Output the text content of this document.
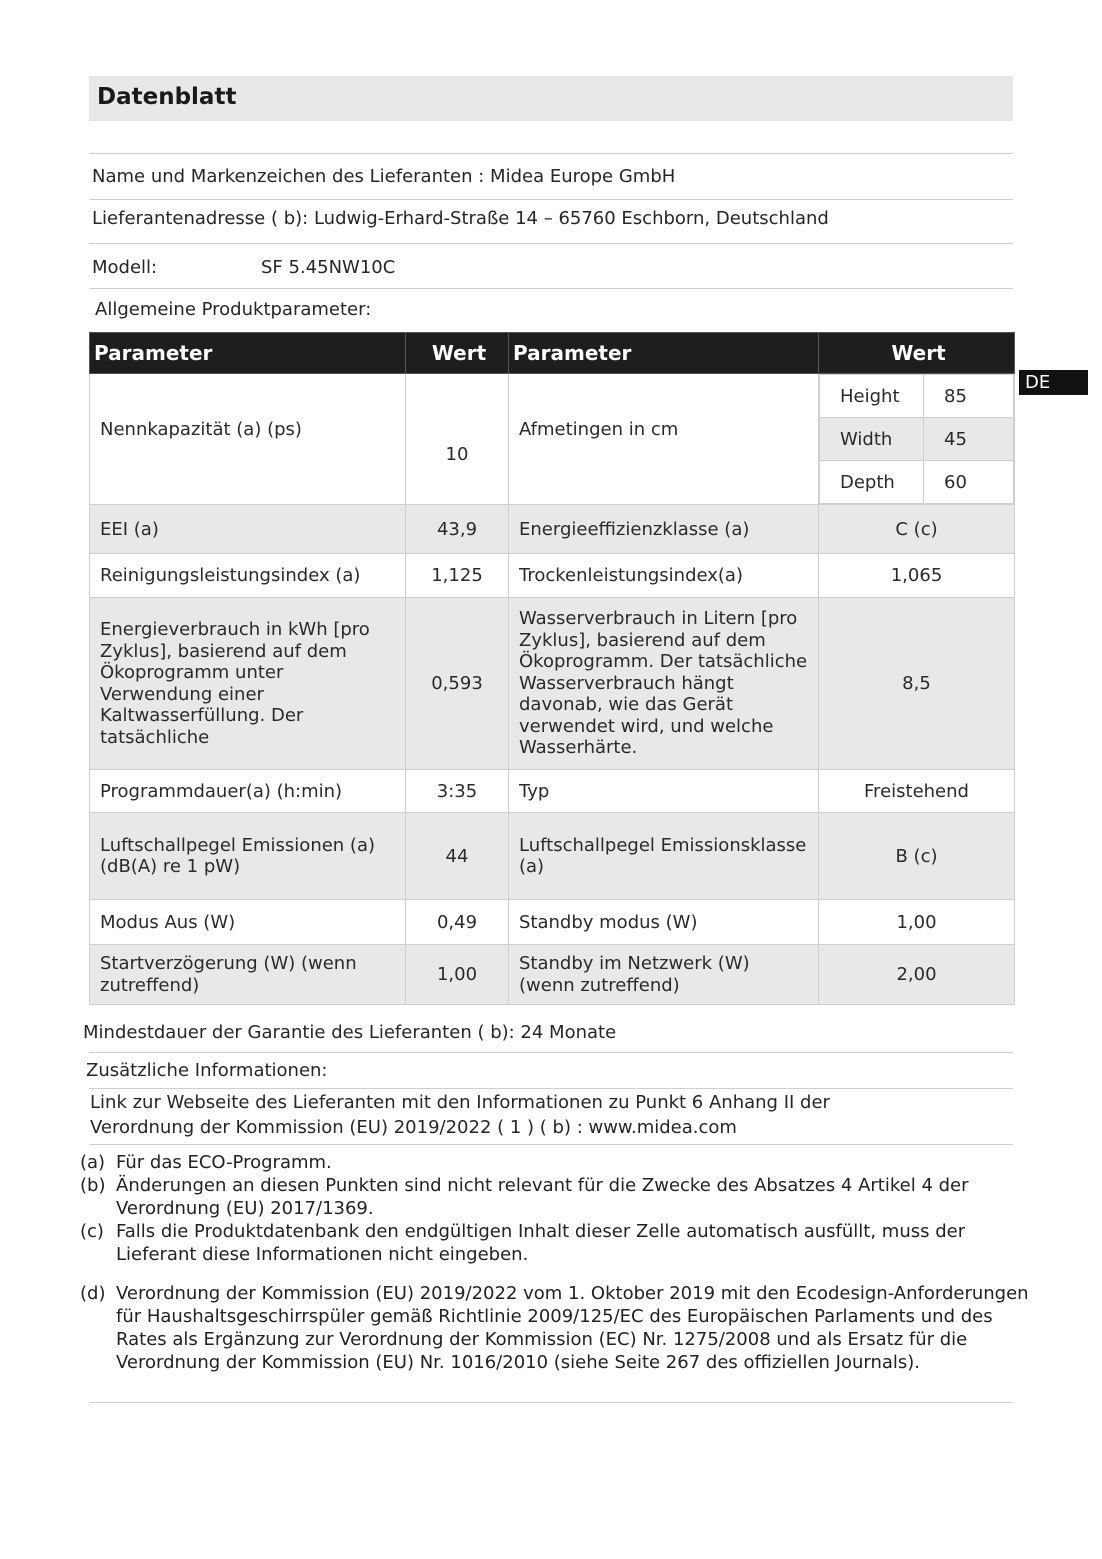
Datenblatt
Name und Markenzeichen des Lieferanten : Midea Europe GmbH
Lieferantenadresse ( b): Ludwig-Erhard-Straße 14 – 65760 Eschborn, Deutschland
Modell:	SF 5.45NW10C
Allgemeine Produktparameter:
DE
Parameter	Wert	Parameter	Wert
Nennkapazität (a) (ps)	10	Afmetingen in cm	
Height	85
Width	45
Depth	60

EEI (a)	43,9	Energieeffizienzklasse (a)	C (c)
Reinigungsleistungsindex (a)	1,125	Trockenleistungsindex(a)	1,065
Energieverbrauch in kWh [pro Zyklus], basierend auf dem Ökoprogramm unter Verwendung einer Kaltwasserfüllung. Der tatsächliche	0,593	Wasserverbrauch in Litern [pro Zyklus], basierend auf dem Ökoprogramm. Der tatsächliche Wasserverbrauch hängt davonab, wie das Gerät verwendet wird, und welche Wasserhärte.	8,5
Programmdauer(a) (h:min)	3:35	Typ	Freistehend
Luftschallpegel Emissionen (a) (dB(A) re 1 pW)	44	Luftschallpegel Emissionsklasse (a)	B (c)
Modus Aus (W)	0,49	Standby modus (W)	1,00
Startverzögerung (W) (wenn zutreffend)	1,00	Standby im Netzwerk (W) (wenn zutreffend)	2,00
Mindestdauer der Garantie des Lieferanten ( b): 24 Monate
Zusätzliche Informationen:
Link zur Webseite des Lieferanten mit den Informationen zu Punkt 6 Anhang II der
Verordnung der Kommission (EU) 2019/2022 ( 1 ) ( b) : www.midea.com
(a) Für das ECO-Programm.
(b) Änderungen an diesen Punkten sind nicht relevant für die Zwecke des Absatzes 4 Artikel 4 der Verordnung (EU) 2017/1369.
(c) Falls die Produktdatenbank den endgültigen Inhalt dieser Zelle automatisch ausfüllt, muss der Lieferant diese Informationen nicht eingeben.
(d) Verordnung der Kommission (EU) 2019/2022 vom 1. Oktober 2019 mit den Ecodesign-Anforderungen für Haushaltsgeschirrspüler gemäß Richtlinie 2009/125/EC des Europäischen Parlaments und des Rates als Ergänzung zur Verordnung der Kommission (EC) Nr. 1275/2008 und als Ersatz für die Verordnung der Kommission (EU) Nr. 1016/2010 (siehe Seite 267 des offiziellen Journals).
